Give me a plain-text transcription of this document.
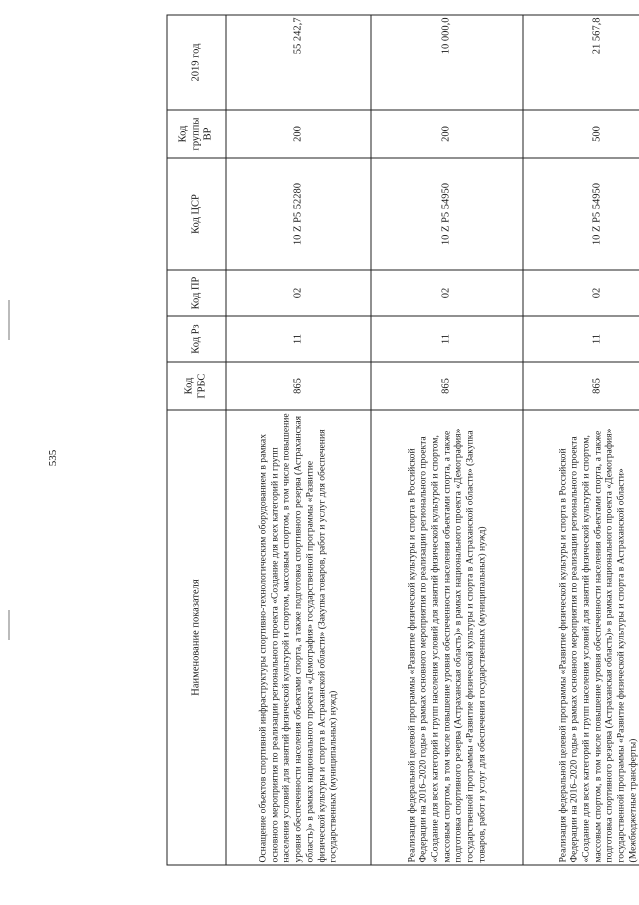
535
Наименование показателя	Код ГРБС	Код Рз	Код ПР	Код ЦСР	Код группы ВР	2019 год
Оснащение объектов спортивной инфраструктуры спортивно-технологическим оборудованием в рамках основного мероприятия по реализации регионального проекта «Создание для всех категорий и групп населения условий для занятий физической культурой и спортом, массовым спортом, в том числе повышение уровня обеспеченности населения объектами спорта, а также подготовка спортивного резерва (Астраханская область)» в рамках национального проекта «Демография» государственной программы «Развитие физической культуры и спорта в Астраханской области» (Закупка товаров, работ и услуг для обеспечения государственных (муниципальных) нужд)	865	11	02	10 Z P5 52280	200	55 242,7
Реализация федеральной целевой программы «Развитие физической культуры и спорта в Российской Федерации на 2016–2020 годы» в рамках основного мероприятия по реализации регионального проекта «Создание для всех категорий и групп населения условий для занятий физической культурой и спортом, массовым спортом, в том числе повышение уровня обеспеченности населения объектами спорта, а также подготовка спортивного резерва (Астраханская область)» в рамках национального проекта «Демография» государственной программы «Развитие физической культуры и спорта в Астраханской области» (Закупка товаров, работ и услуг для обеспечения государственных (муниципальных) нужд)	865	11	02	10 Z P5 54950	200	10 000,0
Реализация федеральной целевой программы «Развитие физической культуры и спорта в Российской Федерации на 2016–2020 годы» в рамках основного мероприятия по реализации регионального проекта «Создание для всех категорий и групп населения условий для занятий физической культурой и спортом, массовым спортом, в том числе повышение уровня обеспеченности населения объектами спорта, а также подготовка спортивного резерва (Астраханская область)» в рамках национального проекта «Демография» государственной программы «Развитие физической культуры и спорта в Астраханской области» (Межбюджетные трансферты)	865	11	02	10 Z P5 54950	500	21 567,8
